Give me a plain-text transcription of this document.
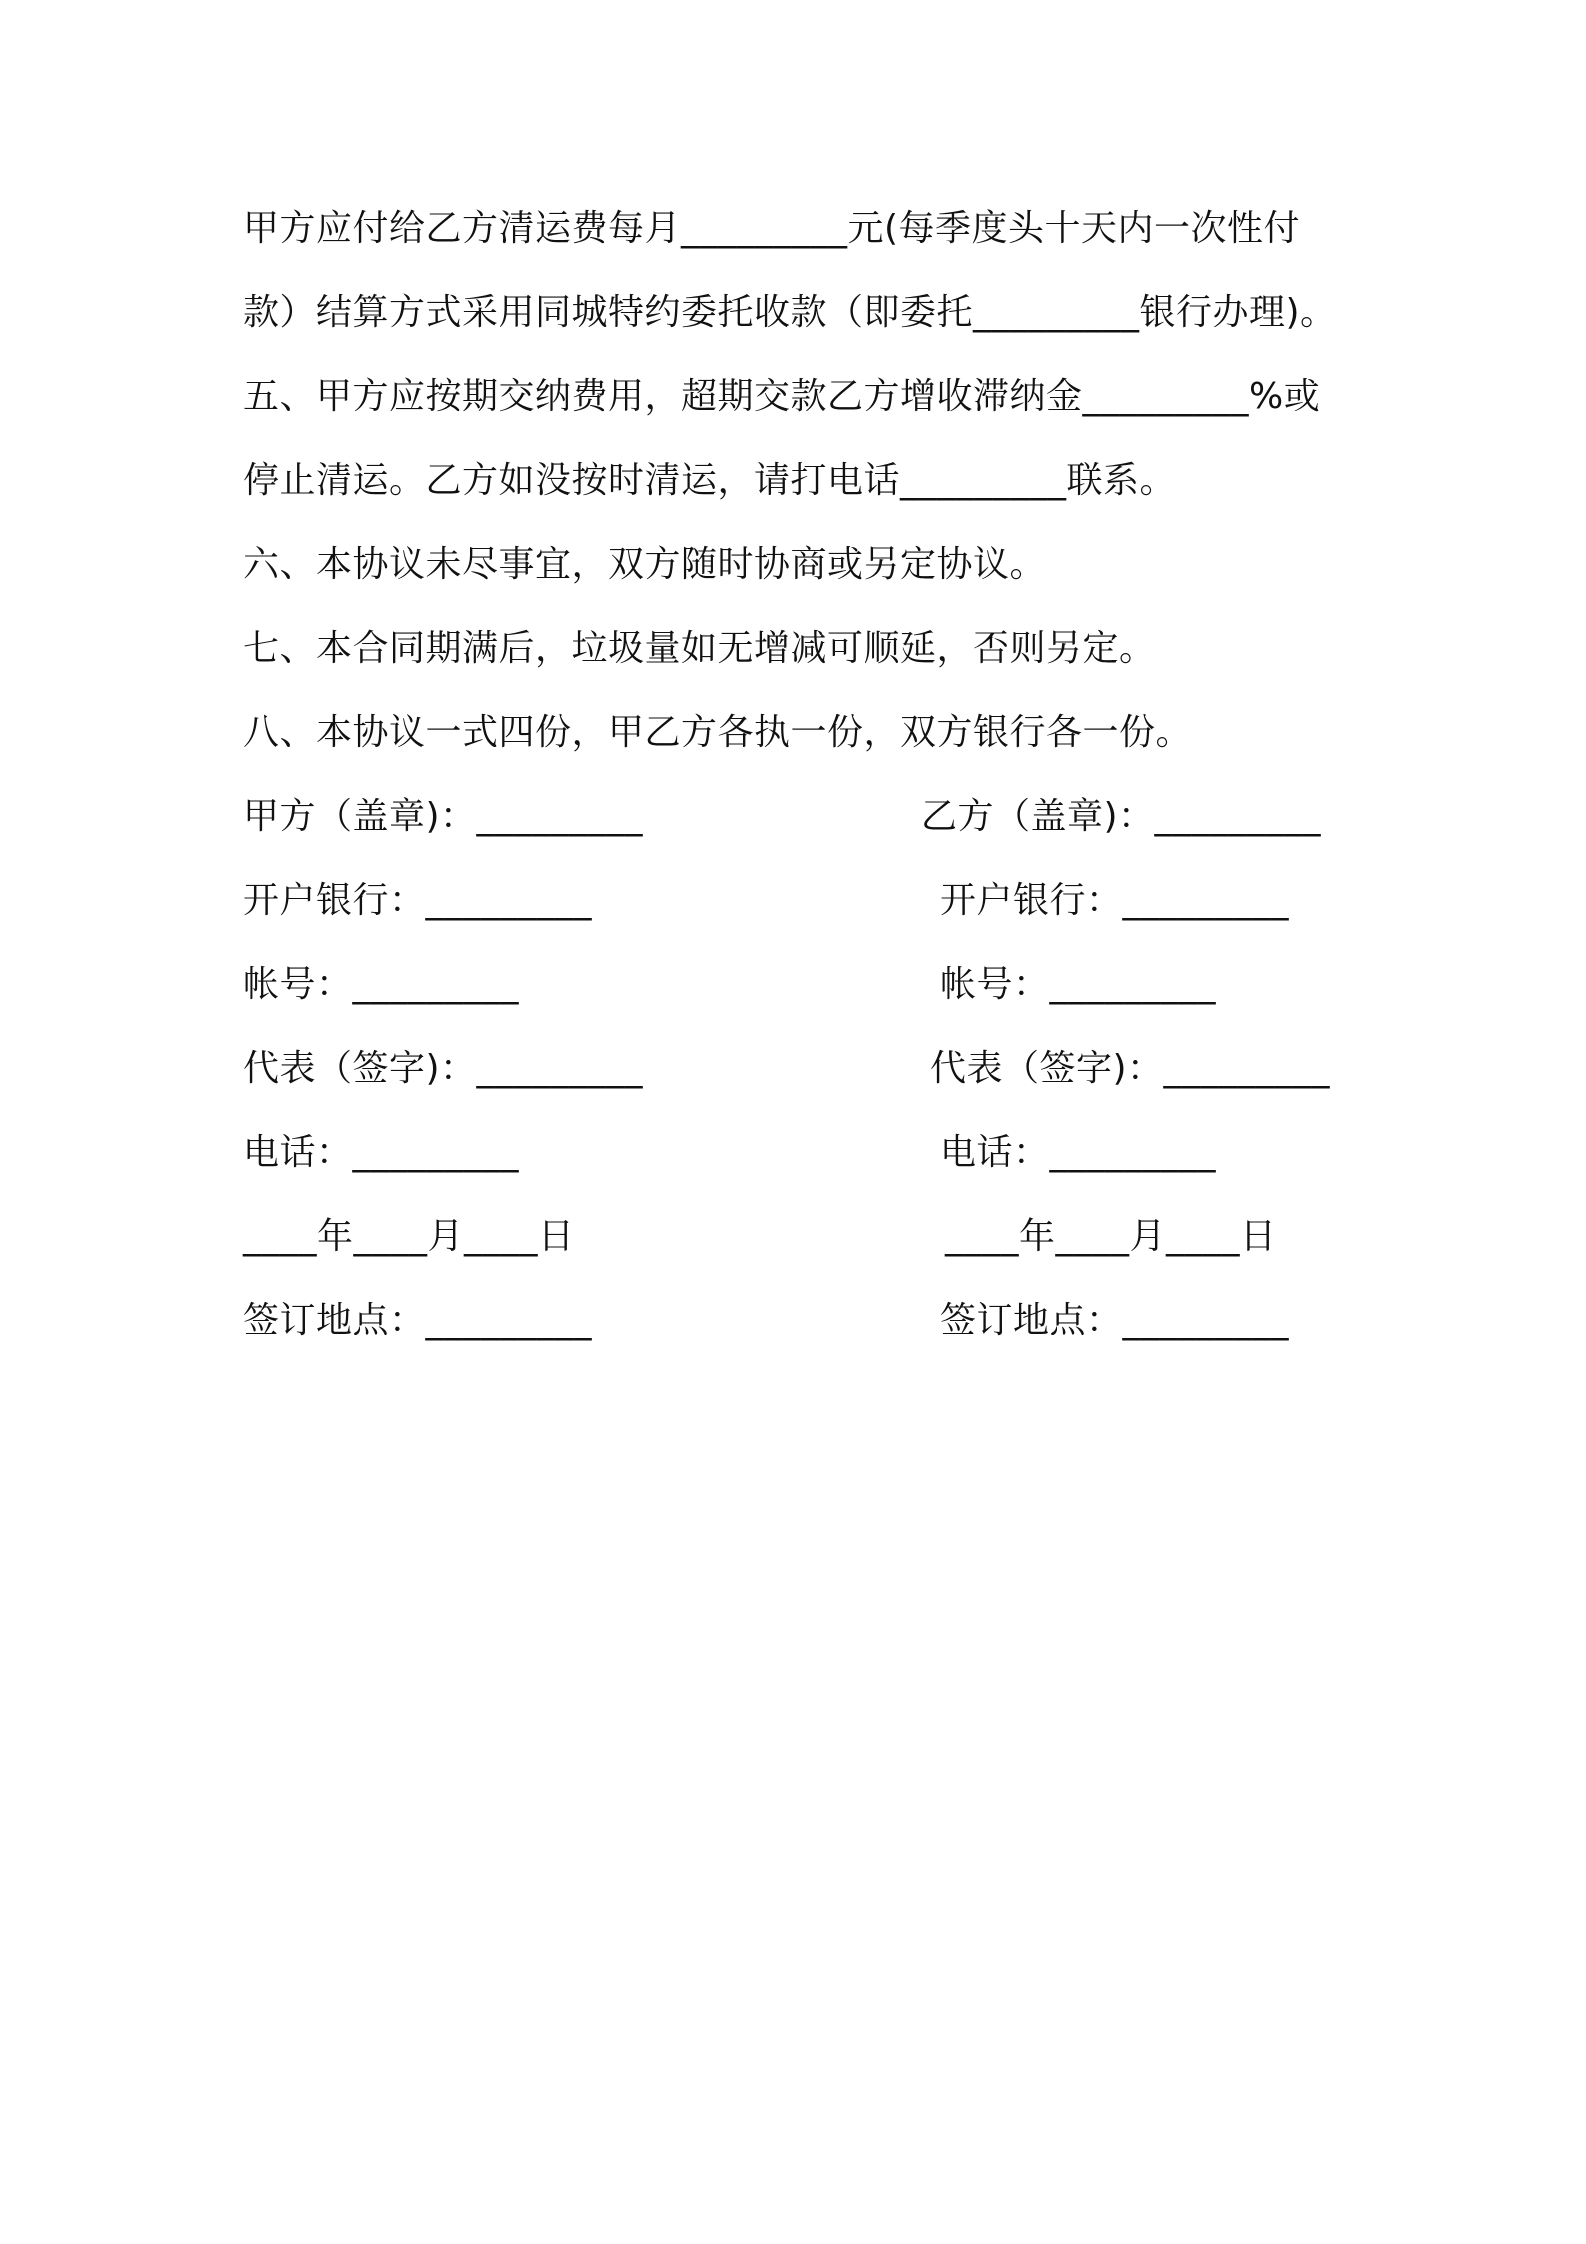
甲方应付给乙方清运费每月_________元(每季度头十天内一次性付
款）结算方式采用同城特约委托收款（即委托_________银行办理)。
五、甲方应按期交纳费用，超期交款乙方增收滞纳金_________%或
停止清运。乙方如没按时清运，请打电话_________联系。
六、本协议未尽事宜，双方随时协商或另定协议。
七、本合同期满后，垃圾量如无增减可顺延，否则另定。
八、本协议一式四份，甲乙方各执一份，双方银行各一份。
甲方（盖章)：_________
开户银行：_________
帐号：_________
代表（签字)：_________
电话：_________
____年____月____日
签订地点：_________
乙方（盖章)：_________
开户银行：_________
帐号：_________
代表（签字)：_________
电话：_________
____年____月____日
签订地点：_________
